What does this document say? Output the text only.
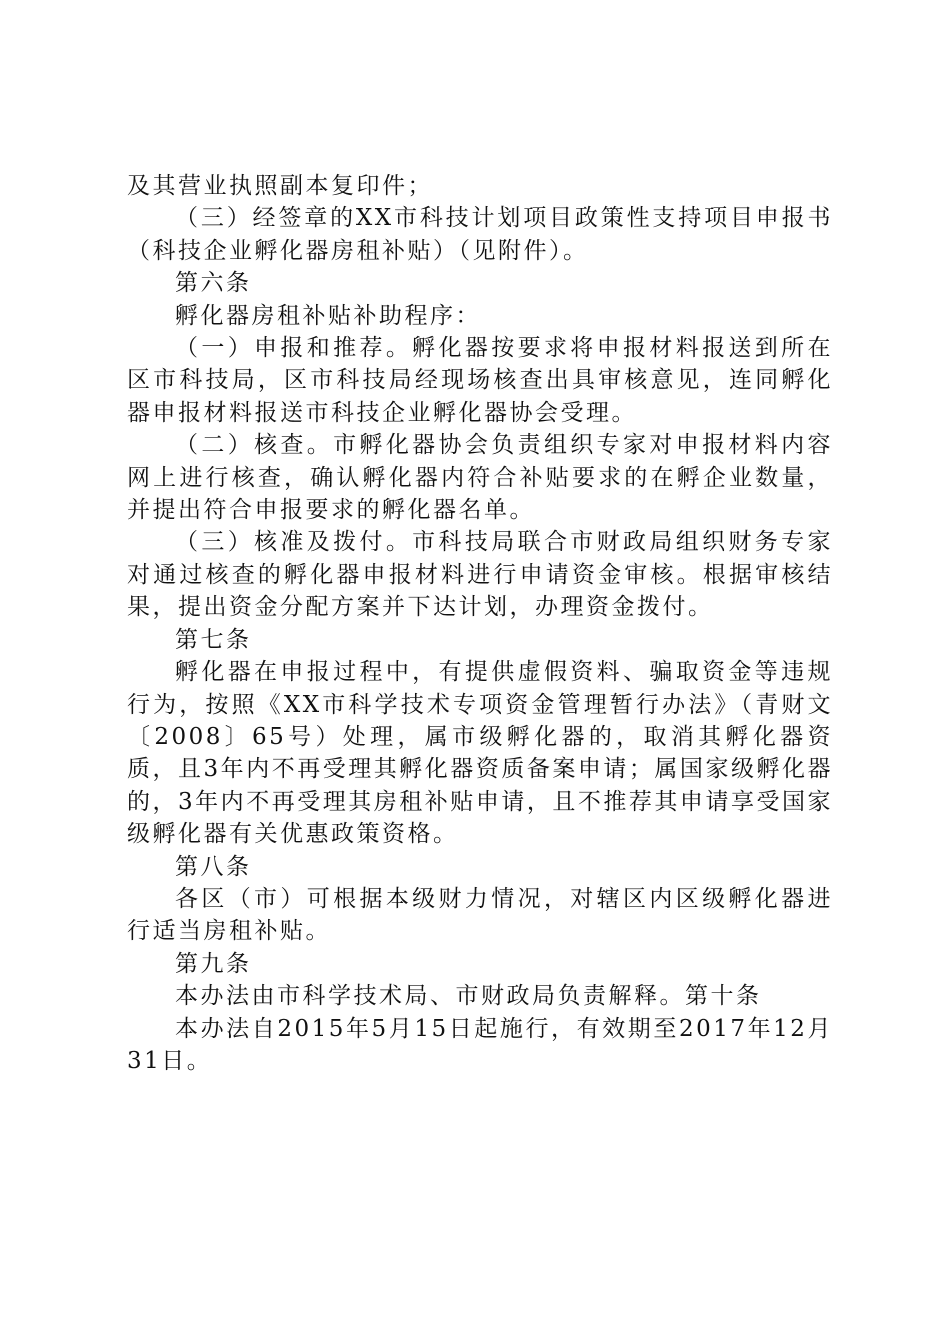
及其营业执照副本复印件；

（三）经签章的XX市科技计划项目政策性支持项目申报书（科技企业孵化器房租补贴）（见附件）。

第六条

孵化器房租补贴补助程序：

（一）申报和推荐。孵化器按要求将申报材料报送到所在区市科技局，区市科技局经现场核查出具审核意见，连同孵化器申报材料报送市科技企业孵化器协会受理。

（二）核查。市孵化器协会负责组织专家对申报材料内容网上进行核查，确认孵化器内符合补贴要求的在孵企业数量，并提出符合申报要求的孵化器名单。

（三）核准及拨付。市科技局联合市财政局组织财务专家对通过核查的孵化器申报材料进行申请资金审核。根据审核结果，提出资金分配方案并下达计划，办理资金拨付。

第七条

孵化器在申报过程中，有提供虚假资料、骗取资金等违规行为，按照《XX市科学技术专项资金管理暂行办法》（青财文〔2008〕65号）处理，属市级孵化器的，取消其孵化器资质，且3年内不再受理其孵化器资质备案申请；属国家级孵化器的，3年内不再受理其房租补贴申请，且不推荐其申请享受国家级孵化器有关优惠政策资格。

第八条

各区（市）可根据本级财力情况，对辖区内区级孵化器进行适当房租补贴。

第九条

本办法由市科学技术局、市财政局负责解释。第十条

本办法自2015年5月15日起施行，有效期至2017年12月31日。
